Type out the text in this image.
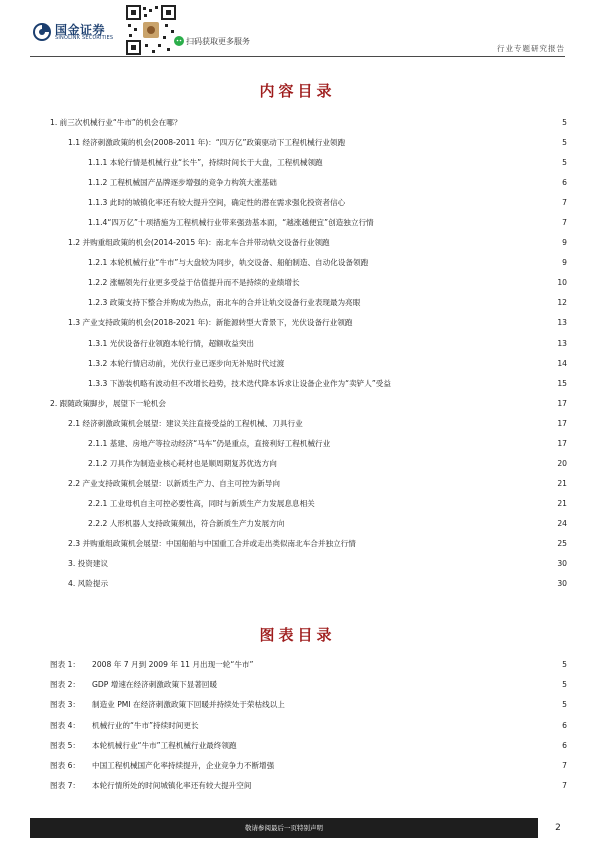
国金证券
SINOLINK SECURITIES	扫码获取更多服务
行业专题研究报告
内容目录
1. 前三次机械行业“牛市”的机会在哪？	5
1.1 经济刺激政策的机会(2008-2011 年)：“四万亿”政策驱动下工程机械行业领跑	5
1.1.1 本轮行情是机械行业“长牛”，持续时间长于大盘，工程机械领跑	5
1.1.2 工程机械国产品牌逐步增强的竞争力构筑大涨基础	6
1.1.3 此时的城镇化率还有较大提升空间，确定性的潜在需求强化投资者信心	7
1.1.4“四万亿”十项措施为工程机械行业带来强劲基本面，“越涨越便宜”创造独立行情	7
1.2 并购重组政策的机会(2014-2015 年)：南北车合并带动轨交设备行业领跑	9
1.2.1 本轮机械行业“牛市”与大盘较为同步，轨交设备、船舶制造、自动化设备领跑	9
1.2.2 涨幅领先行业更多受益于估值提升而不是持续的业绩增长	10
1.2.3 政策支持下整合并购成为热点，南北车的合并让轨交设备行业表现最为亮眼	12
1.3 产业支持政策的机会(2018-2021 年)：新能源转型大背景下，光伏设备行业领跑	13
1.3.1 光伏设备行业领跑本轮行情，超额收益突出	13
1.3.2 本轮行情启动前，光伏行业已逐步向无补贴时代过渡	14
1.3.3 下游装机略有波动但不改增长趋势，技术迭代降本诉求让设备企业作为“卖铲人”受益	15
2. 跟随政策脚步，展望下一轮机会	17
2.1 经济刺激政策机会展望：建议关注直接受益的工程机械、刀具行业	17
2.1.1 基建、房地产等拉动经济“马车”仍是重点，直接利好工程机械行业	17
2.1.2 刀具作为制造业核心耗材也是顺周期复苏优选方向	20
2.2 产业支持政策机会展望：以新质生产力、自主可控为新导向	21
2.2.1 工业母机自主可控必要性高，同时与新质生产力发展息息相关	21
2.2.2 人形机器人支持政策频出，符合新质生产力发展方向	24
2.3 并购重组政策机会展望：中国船舶与中国重工合并或走出类似南北车合并独立行情	25
3. 投资建议	30
4. 风险提示	30
图表目录
图表 1： 2008 年 7 月到 2009 年 11 月出现一轮“牛市”	5
图表 2： GDP 增速在经济刺激政策下显著回暖	5
图表 3： 制造业 PMI 在经济刺激政策下回暖并持续处于荣枯线以上	5
图表 4： 机械行业的“牛市”持续时间更长	6
图表 5： 本轮机械行业“牛市”工程机械行业最终领跑	6
图表 6： 中国工程机械国产化率持续提升，企业竞争力不断增强	7
图表 7： 本轮行情所处的时间城镇化率还有较大提升空间	7
敬请参阅最后一页特别声明	2
